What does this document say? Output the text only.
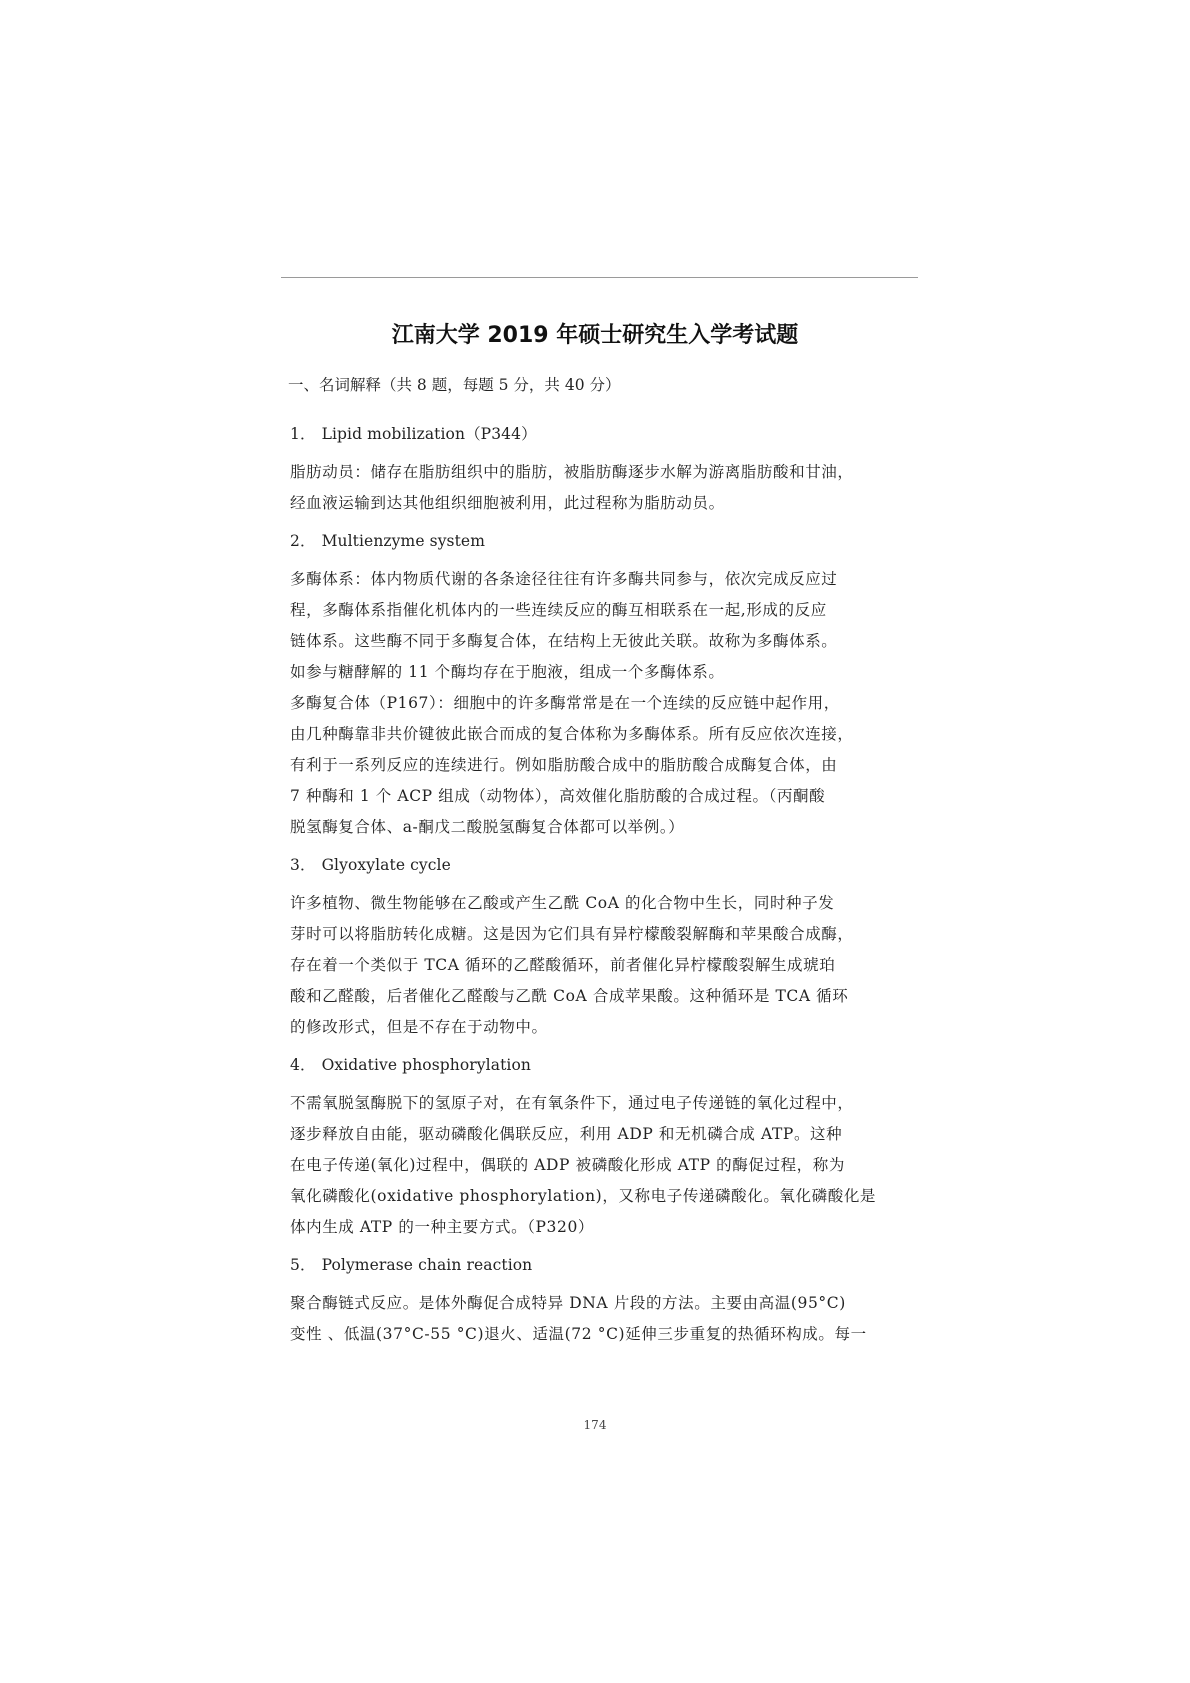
江南大学 2019 年硕士研究生入学考试题
一、名词解释（共 8 题，每题 5 分，共 40 分）
1． Lipid mobilization（P344）
脂肪动员：储存在脂肪组织中的脂肪，被脂肪酶逐步水解为游离脂肪酸和甘油，
经血液运输到达其他组织细胞被利用，此过程称为脂肪动员。
2． Multienzyme system
多酶体系：体内物质代谢的各条途径往往有许多酶共同参与，依次完成反应过
程，多酶体系指催化机体内的一些连续反应的酶互相联系在一起,形成的反应
链体系。这些酶不同于多酶复合体，在结构上无彼此关联。故称为多酶体系。
如参与糖酵解的 11 个酶均存在于胞液，组成一个多酶体系。
多酶复合体（P167）：细胞中的许多酶常常是在一个连续的反应链中起作用，
由几种酶靠非共价键彼此嵌合而成的复合体称为多酶体系。所有反应依次连接，
有利于一系列反应的连续进行。例如脂肪酸合成中的脂肪酸合成酶复合体，由
7 种酶和 1 个 ACP 组成（动物体），高效催化脂肪酸的合成过程。（丙酮酸
脱氢酶复合体、a-酮戊二酸脱氢酶复合体都可以举例。）
3． Glyoxylate cycle
许多植物、微生物能够在乙酸或产生乙酰 CoA 的化合物中生长，同时种子发
芽时可以将脂肪转化成糖。这是因为它们具有异柠檬酸裂解酶和苹果酸合成酶，
存在着一个类似于 TCA 循环的乙醛酸循环，前者催化异柠檬酸裂解生成琥珀
酸和乙醛酸，后者催化乙醛酸与乙酰 CoA 合成苹果酸。这种循环是 TCA 循环
的修改形式，但是不存在于动物中。
4． Oxidative phosphorylation
不需氧脱氢酶脱下的氢原子对，在有氧条件下，通过电子传递链的氧化过程中，
逐步释放自由能，驱动磷酸化偶联反应，利用 ADP 和无机磷合成 ATP。这种
在电子传递(氧化)过程中，偶联的 ADP 被磷酸化形成 ATP 的酶促过程，称为
氧化磷酸化(oxidative phosphorylation)，又称电子传递磷酸化。氧化磷酸化是
体内生成 ATP 的一种主要方式。（P320）
5． Polymerase chain reaction
聚合酶链式反应。是体外酶促合成特异 DNA 片段的方法。主要由高温(95°C)
变性 、低温(37°C-55 °C)退火、适温(72 °C)延伸三步重复的热循环构成。每一
174
